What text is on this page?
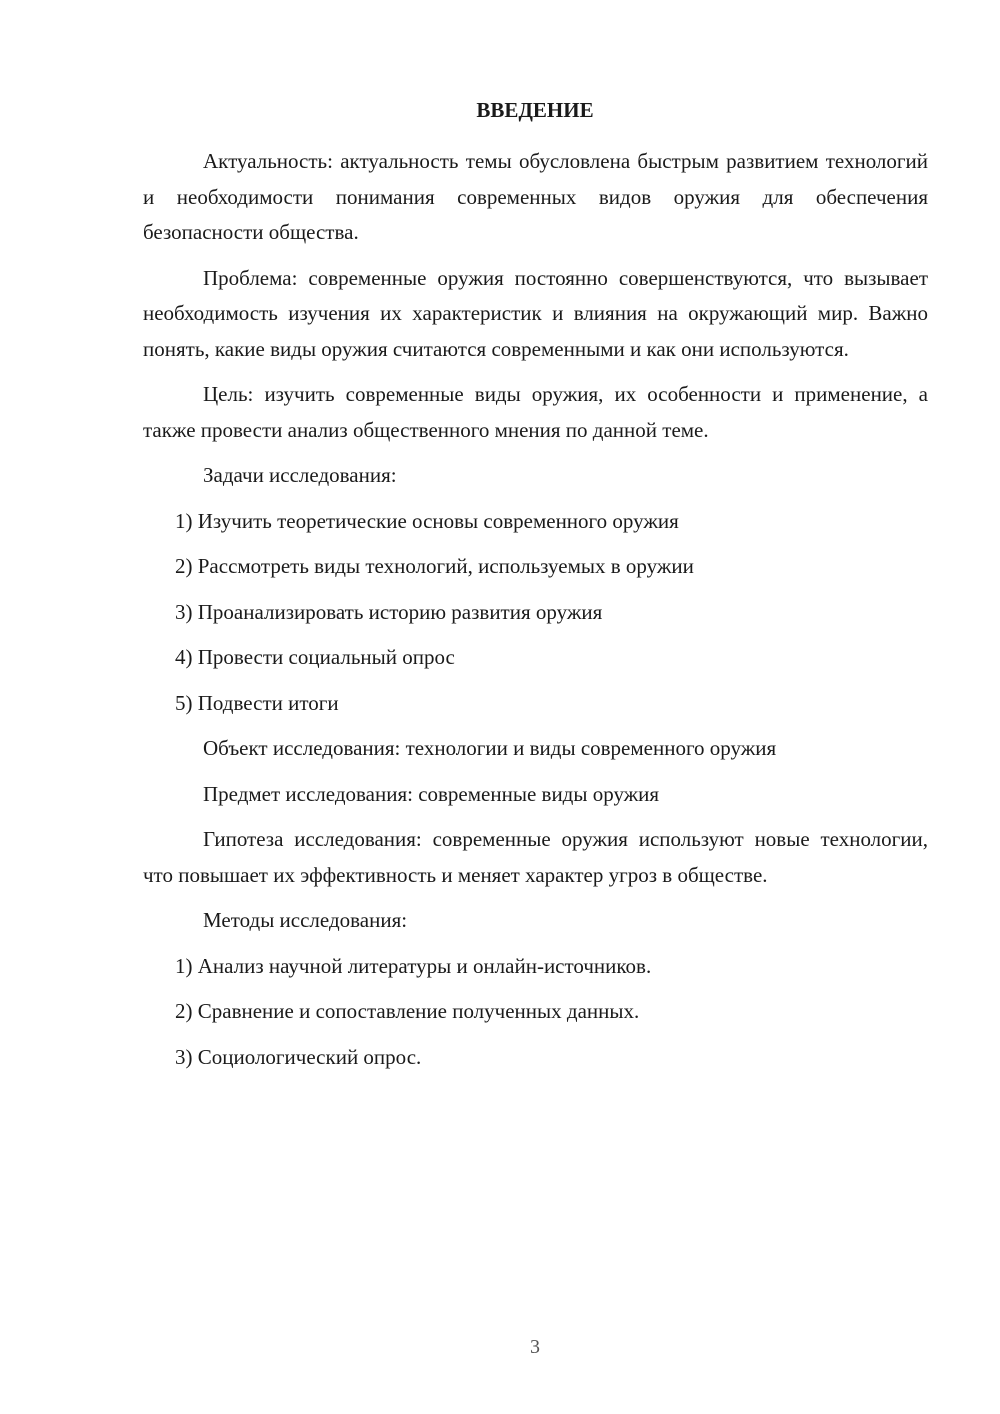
ВВЕДЕНИЕ

Актуальность: актуальность темы обусловлена быстрым развитием технологий и необходимости понимания современных видов оружия для обеспечения безопасности общества.

Проблема: современные оружия постоянно совершенствуются, что вызывает необходимость изучения их характеристик и влияния на окружающий мир. Важно понять, какие виды оружия считаются современными и как они используются.

Цель: изучить современные виды оружия, их особенности и применение, а также провести анализ общественного мнения по данной теме.

Задачи исследования:

1) Изучить теоретические основы современного оружия

2) Рассмотреть виды технологий, используемых в оружии

3) Проанализировать историю развития оружия

4) Провести социальный опрос

5) Подвести итоги

Объект исследования: технологии и виды современного оружия

Предмет исследования: современные виды оружия

Гипотеза исследования: современные оружия используют новые технологии, что повышает их эффективность и меняет характер угроз в обществе.

Методы исследования:

1) Анализ научной литературы и онлайн-источников.

2) Сравнение и сопоставление полученных данных.

3) Социологический опрос.

3
